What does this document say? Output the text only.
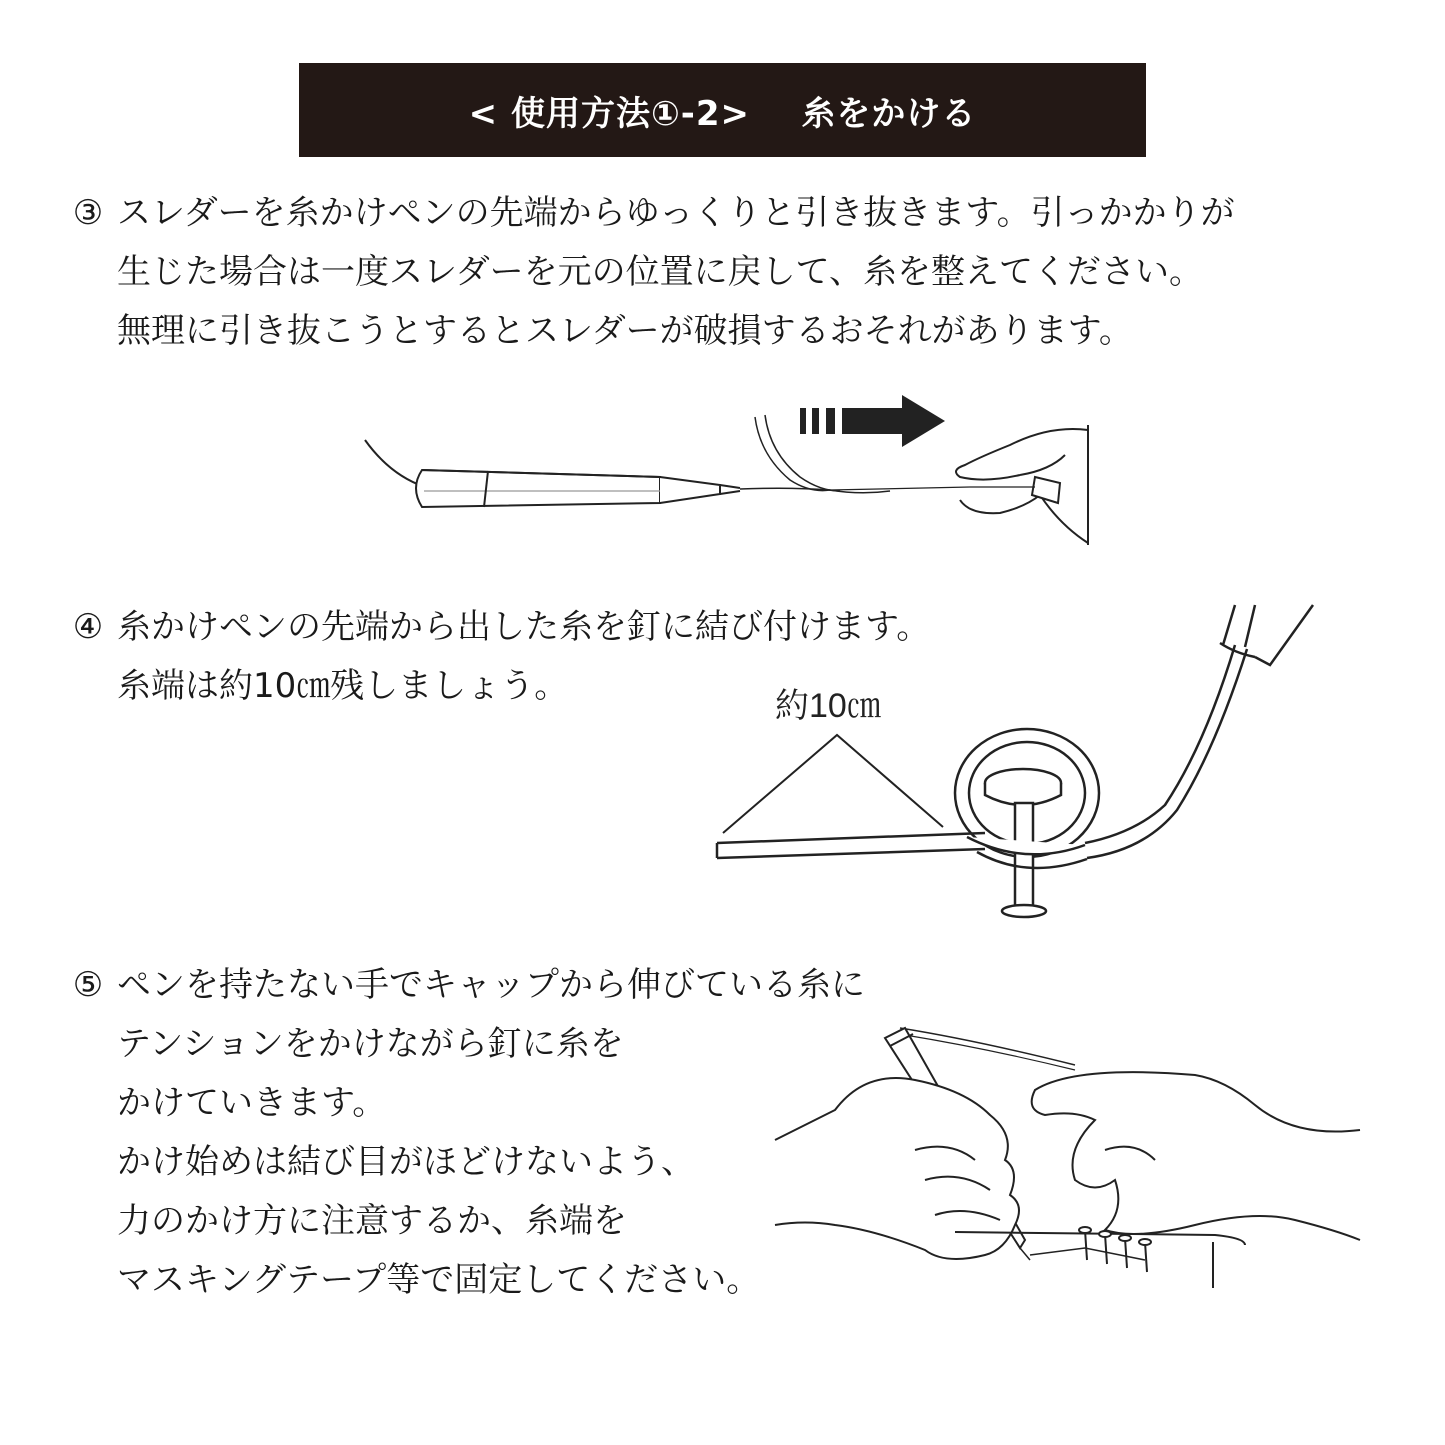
< 使用方法①-2>    糸をかける
③ スレダーを糸かけペンの先端からゆっくりと引き抜きます。引っかかりが
生じた場合は一度スレダーを元の位置に戻して、糸を整えてください。
無理に引き抜こうとするとスレダーが破損するおそれがあります。
④ 糸かけペンの先端から出した糸を釘に結び付けます。
糸端は約10㎝残しましょう。	約10㎝
⑤ ペンを持たない手でキャップから伸びている糸に
テンションをかけながら釘に糸を
かけていきます。
かけ始めは結び目がほどけないよう、
力のかけ方に注意するか、糸端を
マスキングテープ等で固定してください。
